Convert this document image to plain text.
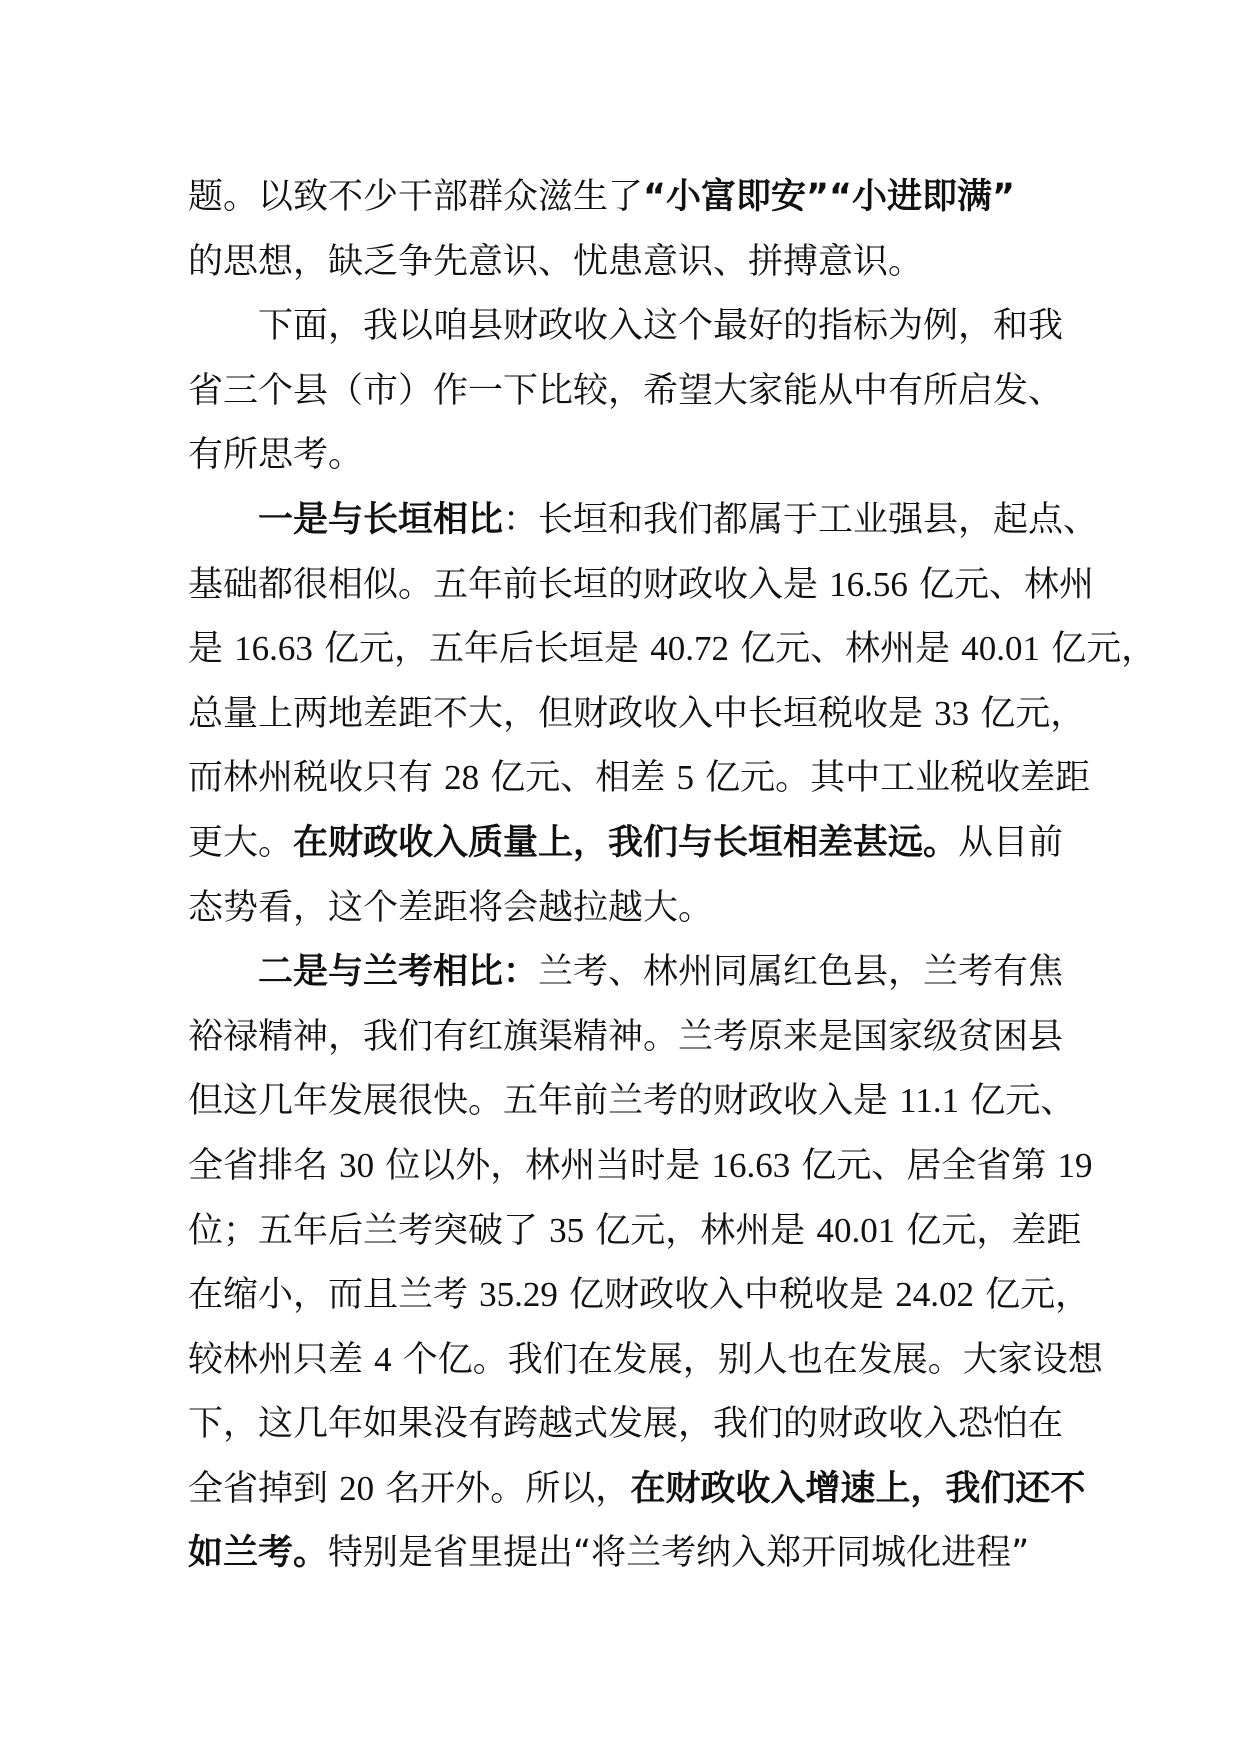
题。以致不少干部群众滋生了“小富即安”“小进即满”
的思想，缺乏争先意识、忧患意识、拼搏意识。
下面，我以咱县财政收入这个最好的指标为例，和我
省三个县（市）作一下比较，希望大家能从中有所启发、
有所思考。
一是与长垣相比：长垣和我们都属于工业强县，起点、
基础都很相似。五年前长垣的财政收入是 16.56 亿元、林州
是 16.63 亿元，五年后长垣是 40.72 亿元、林州是 40.01 亿元，
总量上两地差距不大，但财政收入中长垣税收是 33 亿元，
而林州税收只有 28 亿元、相差 5 亿元。其中工业税收差距
更大。在财政收入质量上，我们与长垣相差甚远。从目前
态势看，这个差距将会越拉越大。
二是与兰考相比：兰考、林州同属红色县，兰考有焦
裕禄精神，我们有红旗渠精神。兰考原来是国家级贫困县
但这几年发展很快。五年前兰考的财政收入是 11.1 亿元、
全省排名 30 位以外，林州当时是 16.63 亿元、居全省第 19
位；五年后兰考突破了 35 亿元，林州是 40.01 亿元，差距
在缩小，而且兰考 35.29 亿财政收入中税收是 24.02 亿元，
较林州只差 4 个亿。我们在发展，别人也在发展。大家设想
下，这几年如果没有跨越式发展，我们的财政收入恐怕在
全省掉到 20 名开外。所以，在财政收入增速上，我们还不
如兰考。特别是省里提出“将兰考纳入郑开同城化进程”
